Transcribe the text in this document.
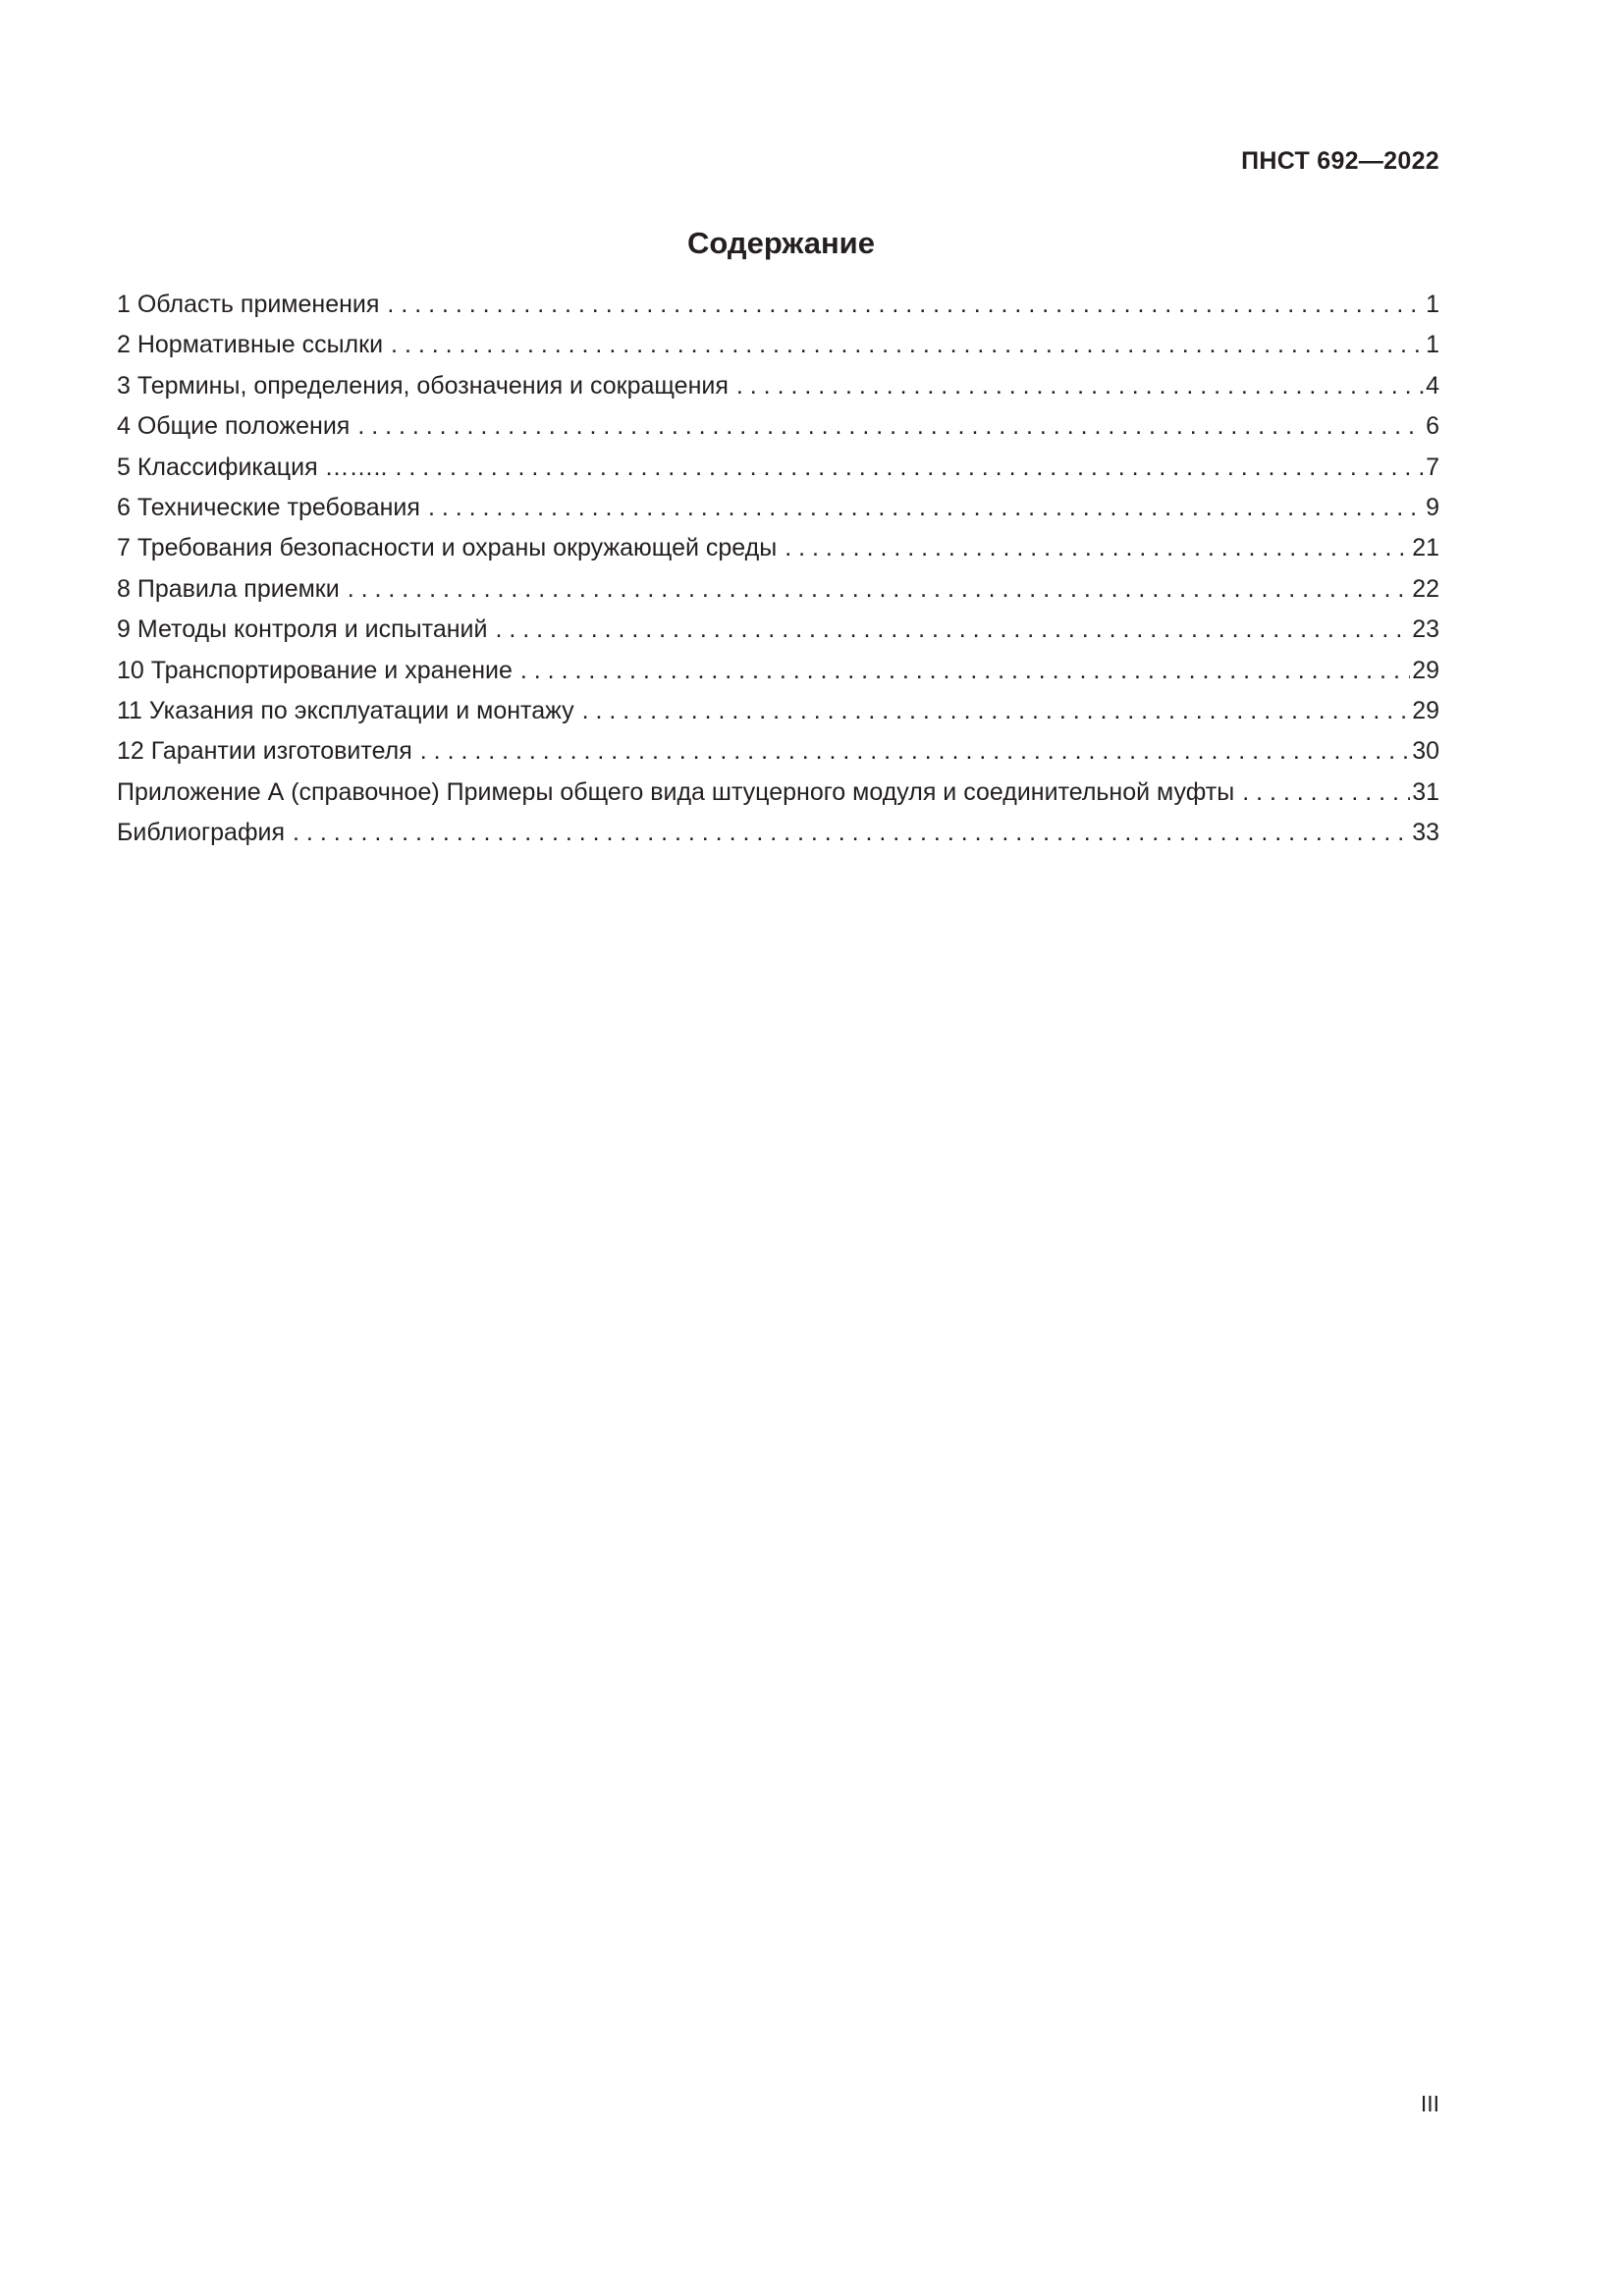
ПНСТ 692—2022
Содержание
1 Область применения . . .	1
2 Нормативные ссылки . . .	1
3 Термины, определения, обозначения и сокращения . . .	4
4 Общие положения . . .	6
5 Классификация …….. . . .	7
6 Технические требования . . .	9
7 Требования безопасности и охраны окружающей среды . . .	21
8 Правила приемки . . .	22
9 Методы контроля и испытаний . . .	23
10 Транспортирование и хранение . . .	29
11 Указания по эксплуатации и монтажу . . .	29
12 Гарантии изготовителя . . .	30
Приложение А (справочное) Примеры общего вида штуцерного модуля и соединительной муфты . . .	31
Библиография . . .	33
III
